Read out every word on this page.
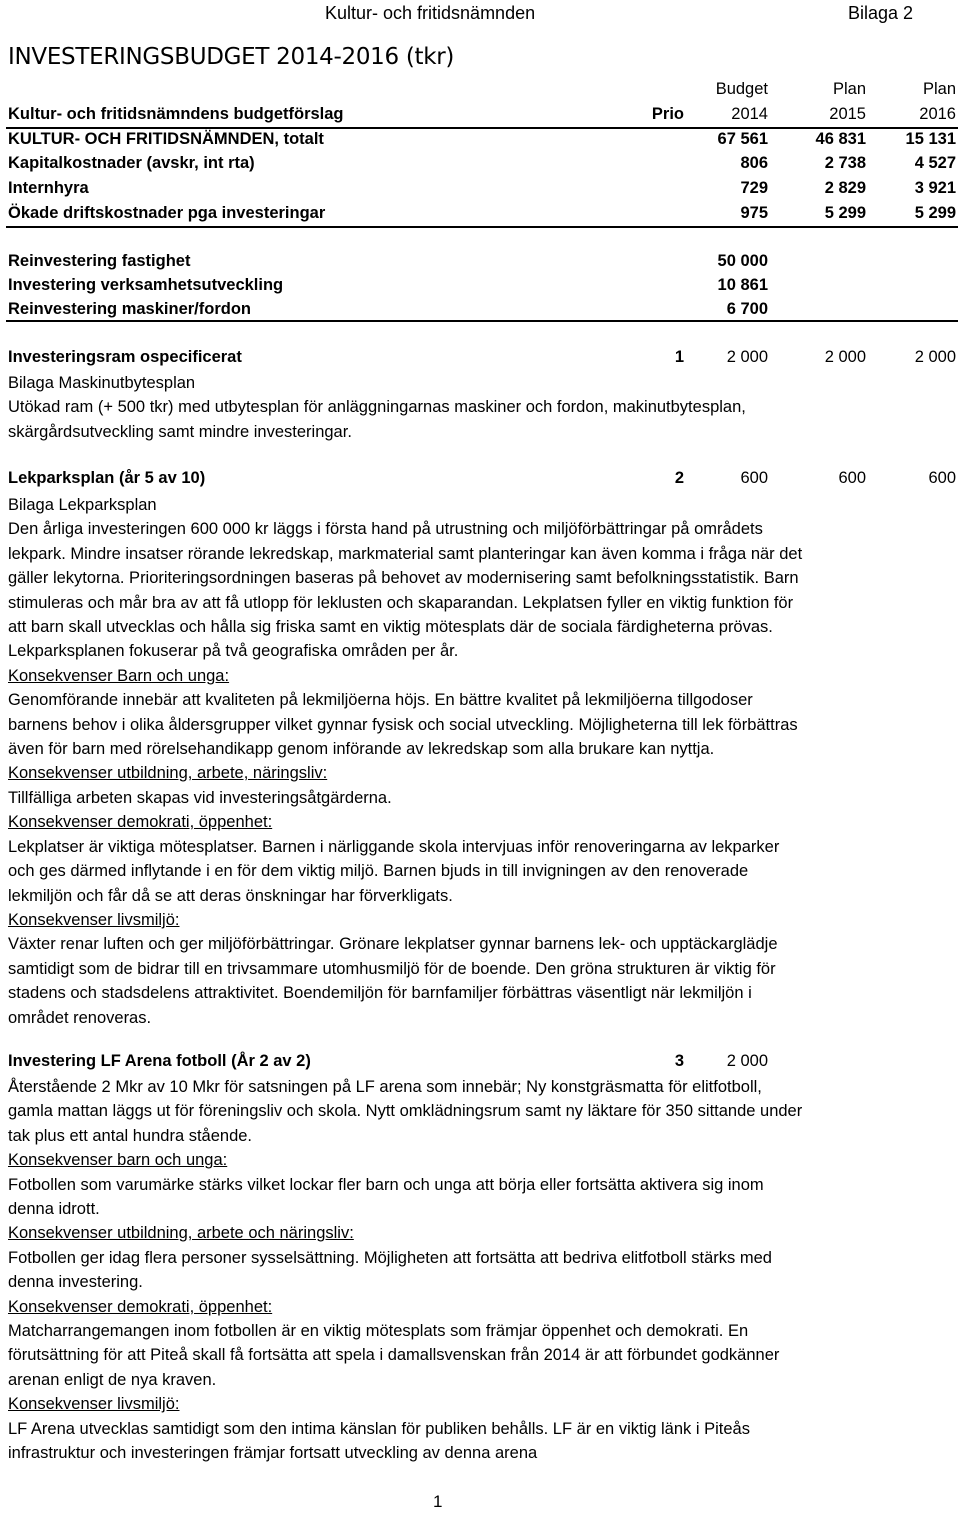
Kultur- och fritidsnämnden	Bilaga 2
INVESTERINGSBUDGET 2014-2016 (tkr)
Budget	Plan	Plan
Kultur- och fritidsnämndens budgetförslag	Prio	2014	2015	2016
KULTUR- OCH FRITIDSNÄMNDEN, totalt	67 561	46 831	15 131
Kapitalkostnader (avskr, int rta)	806	2 738	4 527
Internhyra	729	2 829	3 921
Ökade driftskostnader pga investeringar	975	5 299	5 299
Reinvestering fastighet	50 000
Investering verksamhetsutveckling	10 861
Reinvestering maskiner/fordon	6 700
Investeringsram ospecificerat	1	2 000	2 000	2 000

Bilaga Maskinutbytesplan

Utökad ram (+ 500 tkr) med utbytesplan för anläggningarnas maskiner och fordon, makinutbytesplan,

skärgårdsutveckling samt mindre investeringar.

Lekparksplan (år 5 av 10)	2	600	600	600

Bilaga Lekparksplan

Den årliga investeringen 600 000 kr läggs i första hand på utrustning och miljöförbättringar på områdets

lekpark. Mindre insatser rörande lekredskap, markmaterial samt planteringar kan även komma i fråga när det

gäller lekytorna. Prioriteringsordningen baseras på behovet av modernisering samt befolkningsstatistik. Barn

stimuleras och mår bra av att få utlopp för leklusten och skaparandan. Lekplatsen fyller en viktig funktion för

att barn skall utvecklas och hålla sig friska samt en viktig mötesplats där de sociala färdigheterna prövas.

Lekparksplanen fokuserar på två geografiska områden per år.

Konsekvenser Barn och unga:

Genomförande innebär att kvaliteten på lekmiljöerna höjs. En bättre kvalitet på lekmiljöerna tillgodoser

barnens behov i olika åldersgrupper vilket gynnar fysisk och social utveckling. Möjligheterna till lek förbättras

även för barn med rörelsehandikapp genom införande av lekredskap som alla brukare kan nyttja.

Konsekvenser utbildning, arbete, näringsliv:

Tillfälliga arbeten skapas vid investeringsåtgärderna.

Konsekvenser demokrati, öppenhet:

Lekplatser är viktiga mötesplatser. Barnen i närliggande skola intervjuas inför renoveringarna av lekparker

och ges därmed inflytande i en för dem viktig miljö. Barnen bjuds in till invigningen av den renoverade

lekmiljön och får då se att deras önskningar har förverkligats.

Konsekvenser livsmiljö:

Växter renar luften och ger miljöförbättringar. Grönare lekplatser gynnar barnens lek- och upptäckarglädje

samtidigt som de bidrar till en trivsammare utomhusmiljö för de boende. Den gröna strukturen är viktig för

stadens och stadsdelens attraktivitet. Boendemiljön för barnfamiljer förbättras väsentligt när lekmiljön i

området renoveras.

Investering LF Arena fotboll (År 2 av 2)	3	2 000

Återstående 2 Mkr av 10 Mkr för satsningen på LF arena som innebär; Ny konstgräsmatta för elitfotboll,

gamla mattan läggs ut för föreningsliv och skola. Nytt omklädningsrum samt ny läktare för 350 sittande under

tak plus ett antal hundra stående.

Konsekvenser barn och unga:

Fotbollen som varumärke stärks vilket lockar fler barn och unga att börja eller fortsätta aktivera sig inom

denna idrott.

Konsekvenser utbildning, arbete och näringsliv:

Fotbollen ger idag flera personer sysselsättning. Möjligheten att fortsätta att bedriva elitfotboll stärks med

denna investering.

Konsekvenser demokrati, öppenhet:

Matcharrangemangen inom fotbollen är en viktig mötesplats som främjar öppenhet och demokrati. En

förutsättning för att Piteå skall få fortsätta att spela i damallsvenskan från 2014 är att förbundet godkänner

arenan enligt de nya kraven.

Konsekvenser livsmiljö:

LF Arena utvecklas samtidigt som den intima känslan för publiken behålls. LF är en viktig länk i Piteås

infrastruktur och investeringen främjar fortsatt utveckling av denna arena

1
